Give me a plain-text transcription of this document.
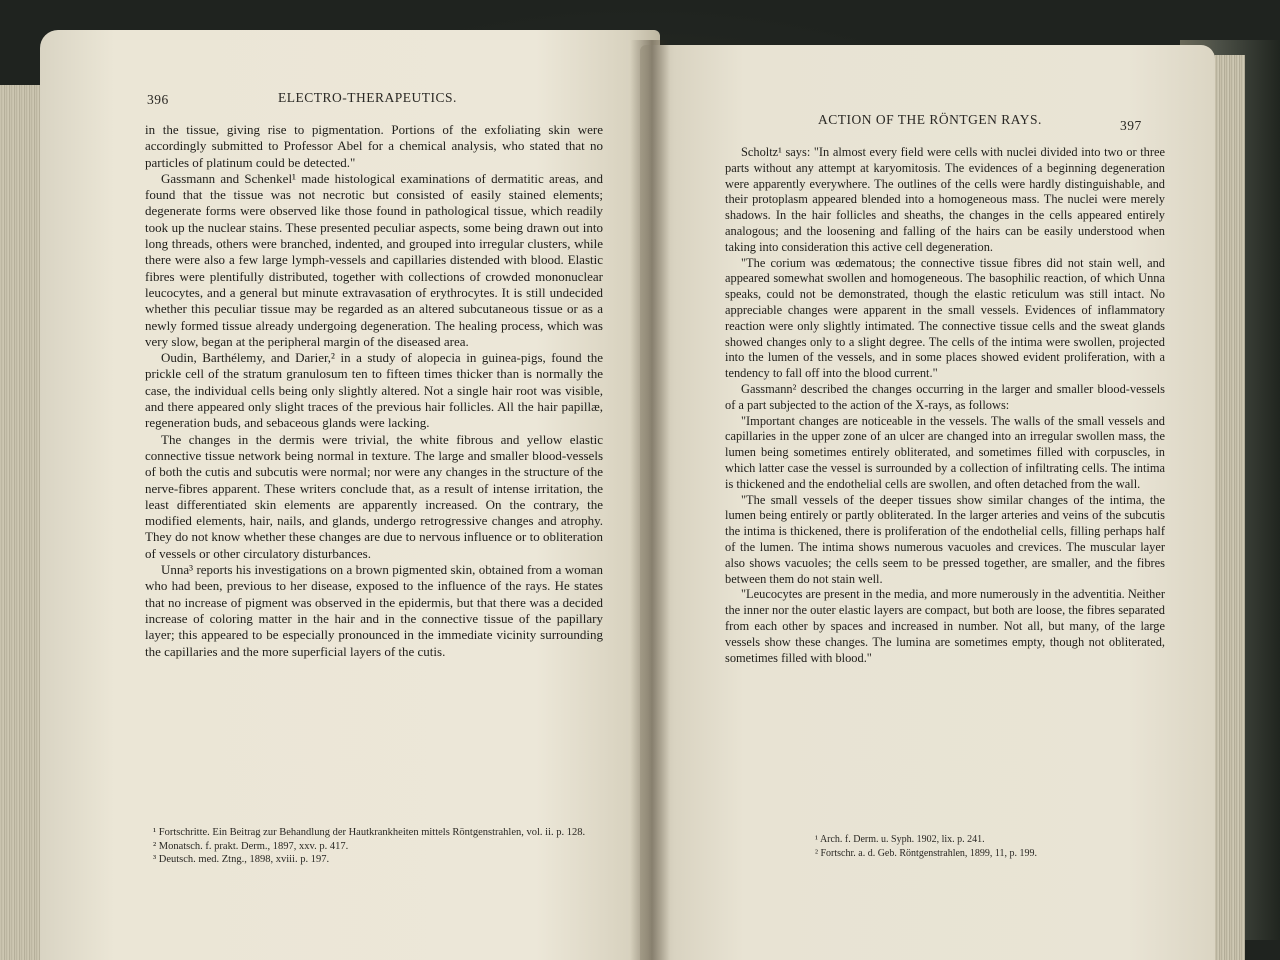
396	ELECTRO-THERAPEUTICS.

in the tissue, giving rise to pigmentation. Portions of the exfoliating skin were accordingly submitted to Professor Abel for a chemical analysis, who stated that no particles of platinum could be detected."

Gassmann and Schenkel¹ made histological examinations of dermatitic areas, and found that the tissue was not necrotic but consisted of easily stained elements; degenerate forms were observed like those found in pathological tissue, which readily took up the nuclear stains. These presented peculiar aspects, some being drawn out into long threads, others were branched, indented, and grouped into irregular clusters, while there were also a few large lymph-vessels and capillaries distended with blood. Elastic fibres were plentifully distributed, together with collections of crowded mononuclear leucocytes, and a general but minute extravasation of erythrocytes. It is still undecided whether this peculiar tissue may be regarded as an altered subcutaneous tissue or as a newly formed tissue already undergoing degeneration. The healing process, which was very slow, began at the peripheral margin of the diseased area.

Oudin, Barthélemy, and Darier,² in a study of alopecia in guinea-pigs, found the prickle cell of the stratum granulosum ten to fifteen times thicker than is normally the case, the individual cells being only slightly altered. Not a single hair root was visible, and there appeared only slight traces of the previous hair follicles. All the hair papillæ, regeneration buds, and sebaceous glands were lacking.

The changes in the dermis were trivial, the white fibrous and yellow elastic connective tissue network being normal in texture. The large and smaller blood-vessels of both the cutis and subcutis were normal; nor were any changes in the structure of the nerve-fibres apparent. These writers conclude that, as a result of intense irritation, the least differentiated skin elements are apparently increased. On the contrary, the modified elements, hair, nails, and glands, undergo retrogressive changes and atrophy. They do not know whether these changes are due to nervous influence or to obliteration of vessels or other circulatory disturbances.

Unna³ reports his investigations on a brown pigmented skin, obtained from a woman who had been, previous to her disease, exposed to the influence of the rays. He states that no increase of pigment was observed in the epidermis, but that there was a decided increase of coloring matter in the hair and in the connective tissue of the papillary layer; this appeared to be especially pronounced in the immediate vicinity surrounding the capillaries and the more superficial layers of the cutis.

¹ Fortschritte. Ein Beitrag zur Behandlung der Hautkrankheiten mittels Röntgenstrahlen, vol. ii. p. 128.
² Monatsch. f. prakt. Derm., 1897, xxv. p. 417.
³ Deutsch. med. Ztng., 1898, xviii. p. 197.
ACTION OF THE RÖNTGEN RAYS.	397

Scholtz¹ says: "In almost every field were cells with nuclei divided into two or three parts without any attempt at karyomitosis. The evidences of a beginning degeneration were apparently everywhere. The outlines of the cells were hardly distinguishable, and their protoplasm appeared blended into a homogeneous mass. The nuclei were merely shadows. In the hair follicles and sheaths, the changes in the cells appeared entirely analogous; and the loosening and falling of the hairs can be easily understood when taking into consideration this active cell degeneration.

"The corium was œdematous; the connective tissue fibres did not stain well, and appeared somewhat swollen and homogeneous. The basophilic reaction, of which Unna speaks, could not be demonstrated, though the elastic reticulum was still intact. No appreciable changes were apparent in the small vessels. Evidences of inflammatory reaction were only slightly intimated. The connective tissue cells and the sweat glands showed changes only to a slight degree. The cells of the intima were swollen, projected into the lumen of the vessels, and in some places showed evident proliferation, with a tendency to fall off into the blood current."

Gassmann² described the changes occurring in the larger and smaller blood-vessels of a part subjected to the action of the X-rays, as follows:

"Important changes are noticeable in the vessels. The walls of the small vessels and capillaries in the upper zone of an ulcer are changed into an irregular swollen mass, the lumen being sometimes entirely obliterated, and sometimes filled with corpuscles, in which latter case the vessel is surrounded by a collection of infiltrating cells. The intima is thickened and the endothelial cells are swollen, and often detached from the wall.

"The small vessels of the deeper tissues show similar changes of the intima, the lumen being entirely or partly obliterated. In the larger arteries and veins of the subcutis the intima is thickened, there is proliferation of the endothelial cells, filling perhaps half of the lumen. The intima shows numerous vacuoles and crevices. The muscular layer also shows vacuoles; the cells seem to be pressed together, are smaller, and the fibres between them do not stain well.

"Leucocytes are present in the media, and more numerously in the adventitia. Neither the inner nor the outer elastic layers are compact, but both are loose, the fibres separated from each other by spaces and increased in number. Not all, but many, of the large vessels show these changes. The lumina are sometimes empty, though not obliterated, sometimes filled with blood."

¹ Arch. f. Derm. u. Syph. 1902, lix. p. 241.
² Fortschr. a. d. Geb. Röntgenstrahlen, 1899, 11, p. 199.
